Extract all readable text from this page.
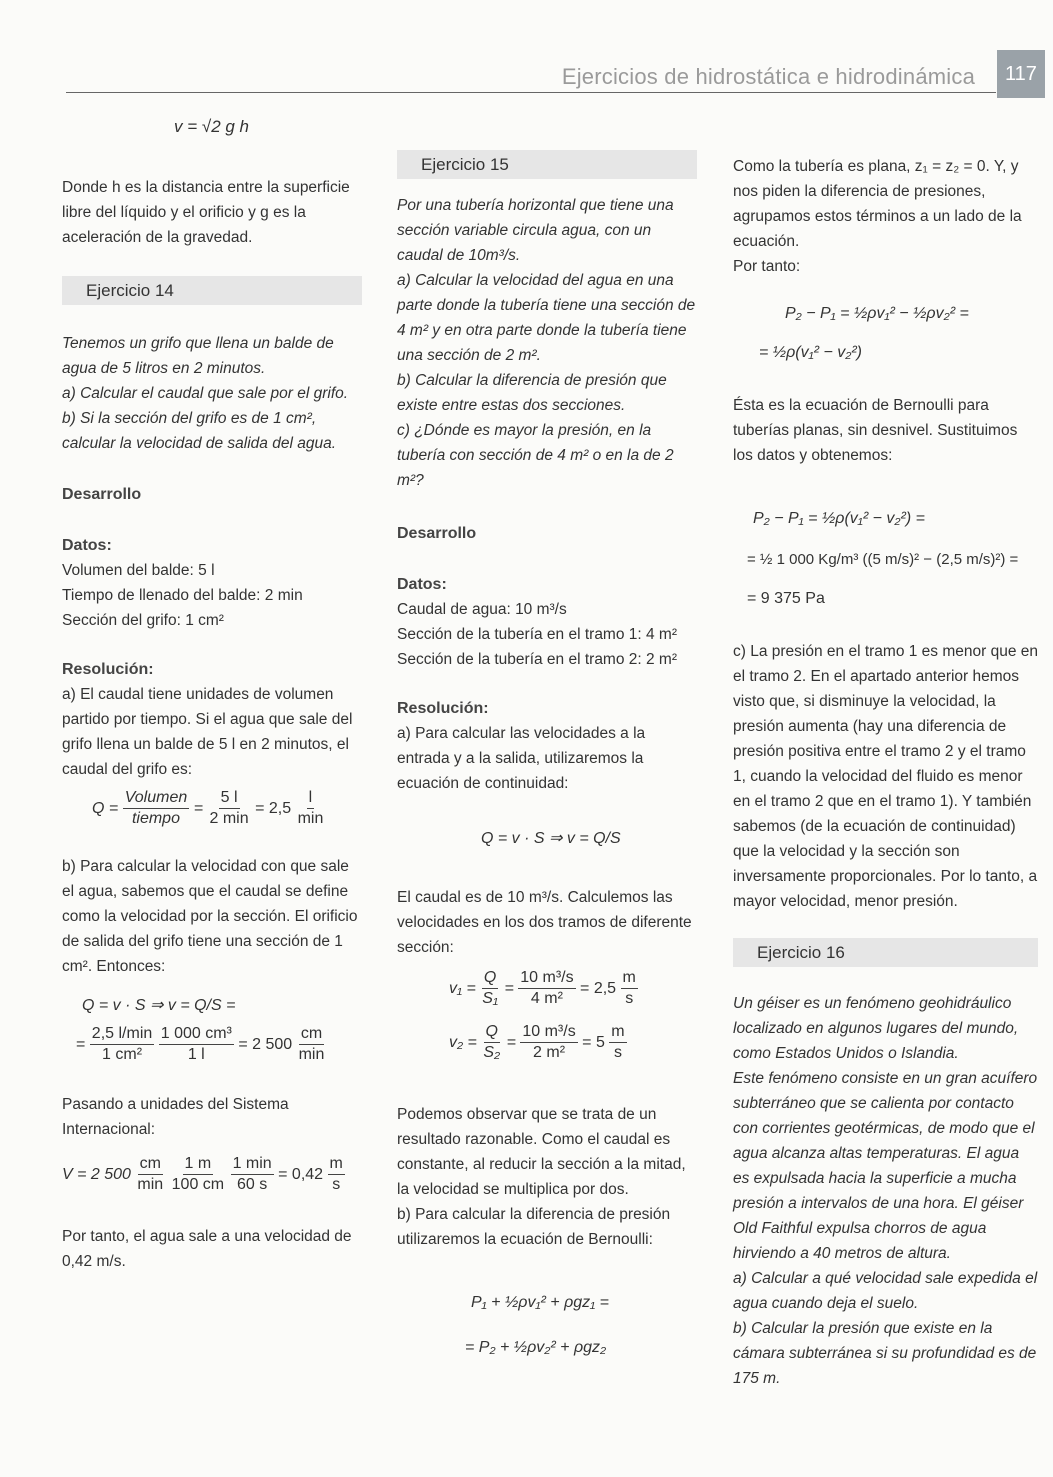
Ejercicios de hidrostática e hidrodinámica	117
v = √2 g h

Donde h es la distancia entre la superficie libre del líquido y el orificio y g es la aceleración de la gravedad.

Ejercicio 14

Tenemos un grifo que llena un balde de agua de 5 litros en 2 minutos.

a) Calcular el caudal que sale por el grifo.

b) Si la sección del grifo es de 1 cm², calcular la velocidad de salida del agua.

Desarrollo

Datos:

Volumen del balde: 5 l

Tiempo de llenado del balde: 2 min

Sección del grifo: 1 cm²

Resolución:

a) El caudal tiene unidades de volumen partido por tiempo. Si el agua que sale del grifo llena un balde de 5 l en 2 minutos, el caudal del grifo es:

$Q = \frac{\text{Volumen}}{\text{tiempo}} = \frac{5 l}{2 \min} = 2,5 \frac{l}{\min}$

b) Para calcular la velocidad con que sale el agua, sabemos que el caudal se define como la velocidad por la sección. El orificio de salida del grifo tiene una sección de 1 cm². Entonces:

Q = v · S ⇒ v = Q/S =
= $\frac{2,5 l/\min}{\text{1 cm²}}$
$\frac{\text{1 000 cm³}}{1 l} = 2$ $500 \frac{cm}{\min}$

Pasando a unidades del Sistema Internacional:

V = 2 $500 \frac{cm}{\min}$
$\frac{1 m}{100 cm}$
$\frac{1 \min}{60 s} = 0,42 \frac{m}{s}$

Por tanto, el agua sale a una velocidad de 0,42 m/s.

Ejercicio 15

Por una tubería horizontal que tiene una sección variable circula agua, con un caudal de 10m³/s.

a) Calcular la velocidad del agua en una parte donde la tubería tiene una sección de 4 m² y en otra parte donde la tubería tiene una sección de 2 m².

b) Calcular la diferencia de presión que existe entre estas dos secciones.

c) ¿Dónde es mayor la presión, en la tubería con sección de 4 m² o en la de 2 m²?

Desarrollo

Datos:

Caudal de agua: 10 m³/s

Sección de la tubería en el tramo 1: 4 m²

Sección de la tubería en el tramo 2: 2 m²

Resolución:

a) Para calcular las velocidades a la entrada y a la salida, utilizaremos la ecuación de continuidad:

Q = v · S ⇒ v = Q/S

El caudal es de 10 m³/s. Calculemos las velocidades en los dos tramos de diferente sección:

$v_1 = \frac{Q}{\text{S₁}} = \frac{\text{10 m³/s}}{\text{4 m²}} = 2,5 \frac{m}{s}$
$v_2 = \frac{Q}{\text{S₂}} = \frac{\text{10 m³/s}}{\text{2 m²}} = 5 \frac{m}{s}$

Podemos observar que se trata de un resultado razonable. Como el caudal es constante, al reducir la sección a la mitad, la velocidad se multiplica por dos.

b) Para calcular la diferencia de presión utilizaremos la ecuación de Bernoulli:

P₁ + ½ρv₁² + ρgz₁ =
= P₂ + ½ρv₂² + ρgz₂

Como la tubería es plana, z₁ = z₂ = 0. Y, y nos piden la diferencia de presiones, agrupamos estos términos a un lado de la ecuación.

Por tanto:

P₂ − P₁ = ½ρv₁² − ½ρv₂² =
= ½ρ(v₁² − v₂²)

Ésta es la ecuación de Bernoulli para tuberías planas, sin desnivel. Sustituimos los datos y obtenemos:

P₂ − P₁ = ½ρ(v₁² − v₂²) =
= ½ 1 000 Kg/m³ ((5 m/s)² − (2,5 m/s)²) =
= 9 375 Pa

c) La presión en el tramo 1 es menor que en el tramo 2. En el apartado anterior hemos visto que, si disminuye la velocidad, la presión aumenta (hay una diferencia de presión positiva entre el tramo 2 y el tramo 1, cuando la velocidad del fluido es menor en el tramo 2 que en el tramo 1). Y también sabemos (de la ecuación de continuidad) que la velocidad y la sección son inversamente proporcionales. Por lo tanto, a mayor velocidad, menor presión.

Ejercicio 16

Un géiser es un fenómeno geohidráulico localizado en algunos lugares del mundo, como Estados Unidos o Islandia.

Este fenómeno consiste en un gran acuífero subterráneo que se calienta por contacto con corrientes geotérmicas, de modo que el agua alcanza altas temperaturas. El agua es expulsada hacia la superficie a mucha presión a intervalos de una hora. El géiser Old Faithful expulsa chorros de agua hirviendo a 40 metros de altura.

a) Calcular a qué velocidad sale expedida el agua cuando deja el suelo.

b) Calcular la presión que existe en la cámara subterránea si su profundidad es de 175 m.
